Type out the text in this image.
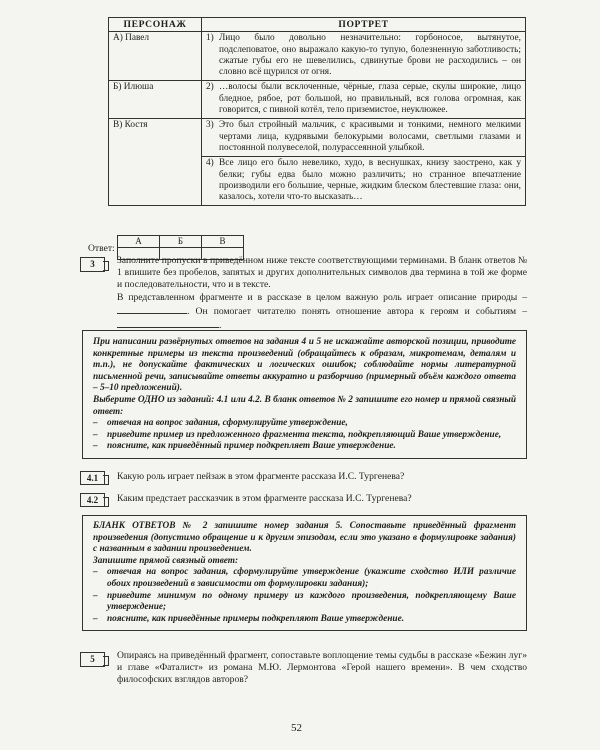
ПЕРСОНАЖ	ПОРТРЕТ
А) Павел	1) Лицо было довольно незначительно: горбоносое, вытянутое, подслеповатое, оно выражало какую-то тупую, болезненную заботливость; сжатые губы его не шевелились, сдвинутые брови не расходились – он словно всё щурился от огня.

Б) Илюша	2) …волосы были всклоченные, чёрные, глаза серые, скулы широкие, лицо бледное, рябое, рот большой, но правильный, вся голова огромная, как говорится, с пивной котёл, тело приземистое, неуклюжее.

В) Костя	3) Это был стройный мальчик, с красивыми и тонкими, немного мелкими чертами лица, кудрявыми белокурыми волосами, светлыми глазами и постоянной полувеселой, полурассеянной улыбкой.

	4) Все лицо его было невелико, худо, в веснушках, книзу заострено, как у белки; губы едва было можно различить; но странное впечатление производили его большие, черные, жидким блеском блестевшие глаза: они, казалось, хотели что-то высказать…
Ответ:
А	Б	В

3	Заполните пропуски в приведённом ниже тексте соответствующими терминами. В бланк ответов № 1 впишите без пробелов, запятых и других дополнительных символов два термина в той же форме и последовательности, что и в тексте.
В представленном фрагменте и в рассказе в целом важную роль играет описание природы – . Он помогает читателю понять отношение автора к героям и событиям – .

При написании развёрнутых ответов на задания 4 и 5 не искажайте авторской позиции, приводите конкретные примеры из текста произведений (обращайтесь к образам, микротемам, деталям и т.п.), не допускайте фактических и логических ошибок; соблюдайте нормы литературной письменной речи, записывайте ответы аккуратно и разборчиво (примерный объём каждого ответа – 5–10 предложений).

Выберите ОДНО из заданий: 4.1 или 4.2. В бланк ответов № 2 запишите его номер и прямой связный ответ:

–	отвечая на вопрос задания, сформулируйте утверждение,
–	приведите пример из предложенного фрагмента текста, подкрепляющий Ваше утверждение,
–	поясните, как приведённый пример подкрепляет Ваше утверждение.
4.1	Какую роль играет пейзаж в этом фрагменте рассказа И.С. Тургенева?
4.2	Каким предстает рассказчик в этом фрагменте рассказа И.С. Тургенева?

БЛАНК ОТВЕТОВ № 2 запишите номер задания 5. Сопоставьте приведённый фрагмент произведения (допустимо обращение и к другим эпизодам, если это указано в формулировке задания) с названным в задании произведением.

Запишите прямой связный ответ:

–	отвечая на вопрос задания, сформулируйте утверждение (укажите сходство ИЛИ различие обоих произведений в зависимости от формулировки задания);
–	приведите минимум по одному примеру из каждого произведения, подкрепляющему Ваше утверждение;
–	поясните, как приведённые примеры подкрепляют Ваше утверждение.
5	Опираясь на приведённый фрагмент, сопоставьте воплощение темы судьбы в рассказе «Бежин луг» и главе «Фаталист» из романа М.Ю. Лермонтова «Герой нашего времени». В чем сходство философских взглядов авторов?
52
